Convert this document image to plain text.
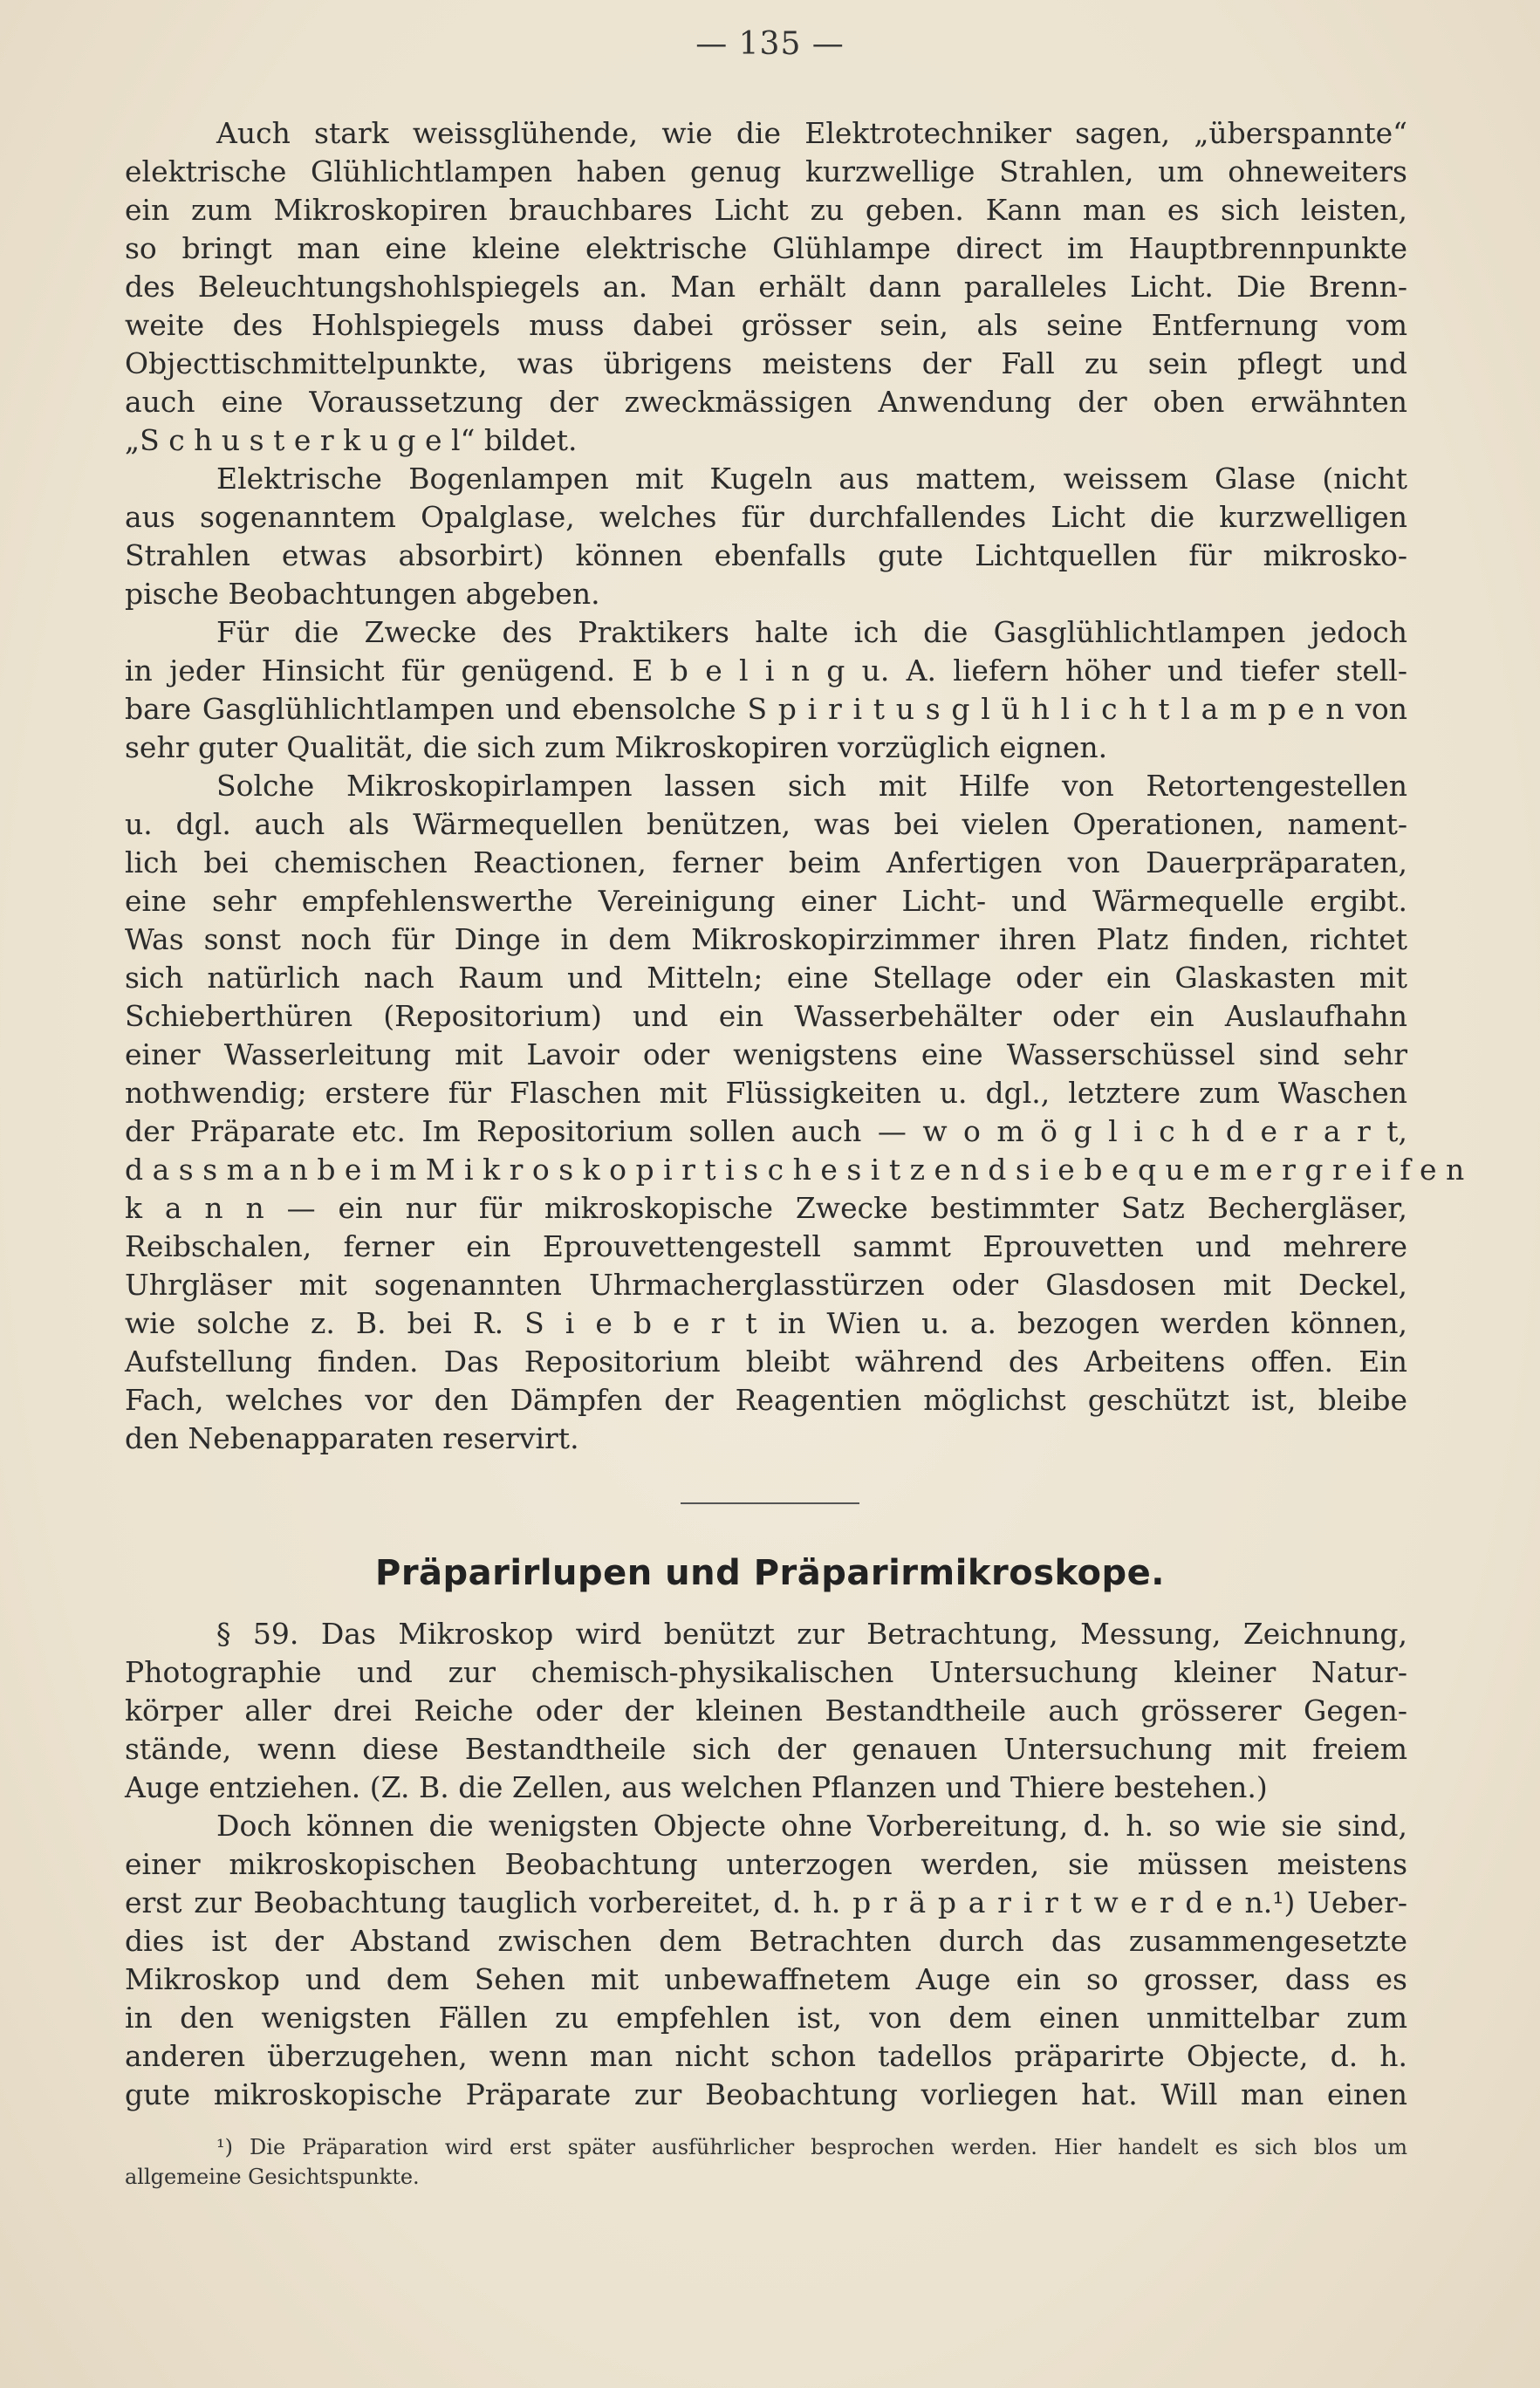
— 135 —
Auch stark weissglühende, wie die Elektrotechniker sagen, „überspannte“
elektrische Glühlichtlampen haben genug kurzwellige Strahlen, um ohneweiters
ein zum Mikroskopiren brauchbares Licht zu geben. Kann man es sich leisten,
so bringt man eine kleine elektrische Glühlampe direct im Hauptbrennpunkte
des Beleuchtungshohlspiegels an. Man erhält dann paralleles Licht. Die Brenn-
weite des Hohlspiegels muss dabei grösser sein, als seine Entfernung vom
Objecttischmittelpunkte, was übrigens meistens der Fall zu sein pflegt und
auch eine Voraussetzung der zweckmässigen Anwendung der oben erwähnten
„S c h u s t e r k u g e l“ bildet.
Elektrische Bogenlampen mit Kugeln aus mattem, weissem Glase (nicht
aus sogenanntem Opalglase, welches für durchfallendes Licht die kurzwelligen
Strahlen etwas absorbirt) können ebenfalls gute Lichtquellen für mikrosko-
pische Beobachtungen abgeben.
Für die Zwecke des Praktikers halte ich die Gasglühlichtlampen jedoch
in jeder Hinsicht für genügend. E b e l i n g u. A. liefern höher und tiefer stell-
bare Gasglühlichtlampen und ebensolche S p i r i t u s g l ü h l i c h t l a m p e n von
sehr guter Qualität, die sich zum Mikroskopiren vorzüglich eignen.
Solche Mikroskopirlampen lassen sich mit Hilfe von Retortengestellen
u. dgl. auch als Wärmequellen benützen, was bei vielen Operationen, nament-
lich bei chemischen Reactionen, ferner beim Anfertigen von Dauerpräparaten,
eine sehr empfehlenswerthe Vereinigung einer Licht- und Wärmequelle ergibt.
Was sonst noch für Dinge in dem Mikroskopirzimmer ihren Platz finden, richtet
sich natürlich nach Raum und Mitteln; eine Stellage oder ein Glaskasten mit
Schieberthüren (Repositorium) und ein Wasserbehälter oder ein Auslaufhahn
einer Wasserleitung mit Lavoir oder wenigstens eine Wasserschüssel sind sehr
nothwendig; erstere für Flaschen mit Flüssigkeiten u. dgl., letztere zum Waschen
der Präparate etc. Im Repositorium sollen auch — w o m ö g l i c h d e r a r t,
d a s s m a n b e i m M i k r o s k o p i r t i s c h e s i t z e n d s i e b e q u e m e r g r e i f e n
k a n n — ein nur für mikroskopische Zwecke bestimmter Satz Bechergläser,
Reibschalen, ferner ein Eprouvettengestell sammt Eprouvetten und mehrere
Uhrgläser mit sogenannten Uhrmacherglasstürzen oder Glasdosen mit Deckel,
wie solche z. B. bei R. S i e b e r t in Wien u. a. bezogen werden können,
Aufstellung finden. Das Repositorium bleibt während des Arbeitens offen. Ein
Fach, welches vor den Dämpfen der Reagentien möglichst geschützt ist, bleibe
den Nebenapparaten reservirt.
Präparirlupen und Präparirmikroskope.
§ 59. Das Mikroskop wird benützt zur Betrachtung, Messung, Zeichnung,
Photographie und zur chemisch-physikalischen Untersuchung kleiner Natur-
körper aller drei Reiche oder der kleinen Bestandtheile auch grösserer Gegen-
stände, wenn diese Bestandtheile sich der genauen Untersuchung mit freiem
Auge entziehen. (Z. B. die Zellen, aus welchen Pflanzen und Thiere bestehen.)
Doch können die wenigsten Objecte ohne Vorbereitung, d. h. so wie sie sind,
einer mikroskopischen Beobachtung unterzogen werden, sie müssen meistens
erst zur Beobachtung tauglich vorbereitet, d. h. p r ä p a r i r t w e r d e n.¹) Ueber-
dies ist der Abstand zwischen dem Betrachten durch das zusammengesetzte
Mikroskop und dem Sehen mit unbewaffnetem Auge ein so grosser, dass es
in den wenigsten Fällen zu empfehlen ist, von dem einen unmittelbar zum
anderen überzugehen, wenn man nicht schon tadellos präparirte Objecte, d. h.
gute mikroskopische Präparate zur Beobachtung vorliegen hat. Will man einen
¹) Die Präparation wird erst später ausführlicher besprochen werden. Hier handelt es sich blos um
allgemeine Gesichtspunkte.
